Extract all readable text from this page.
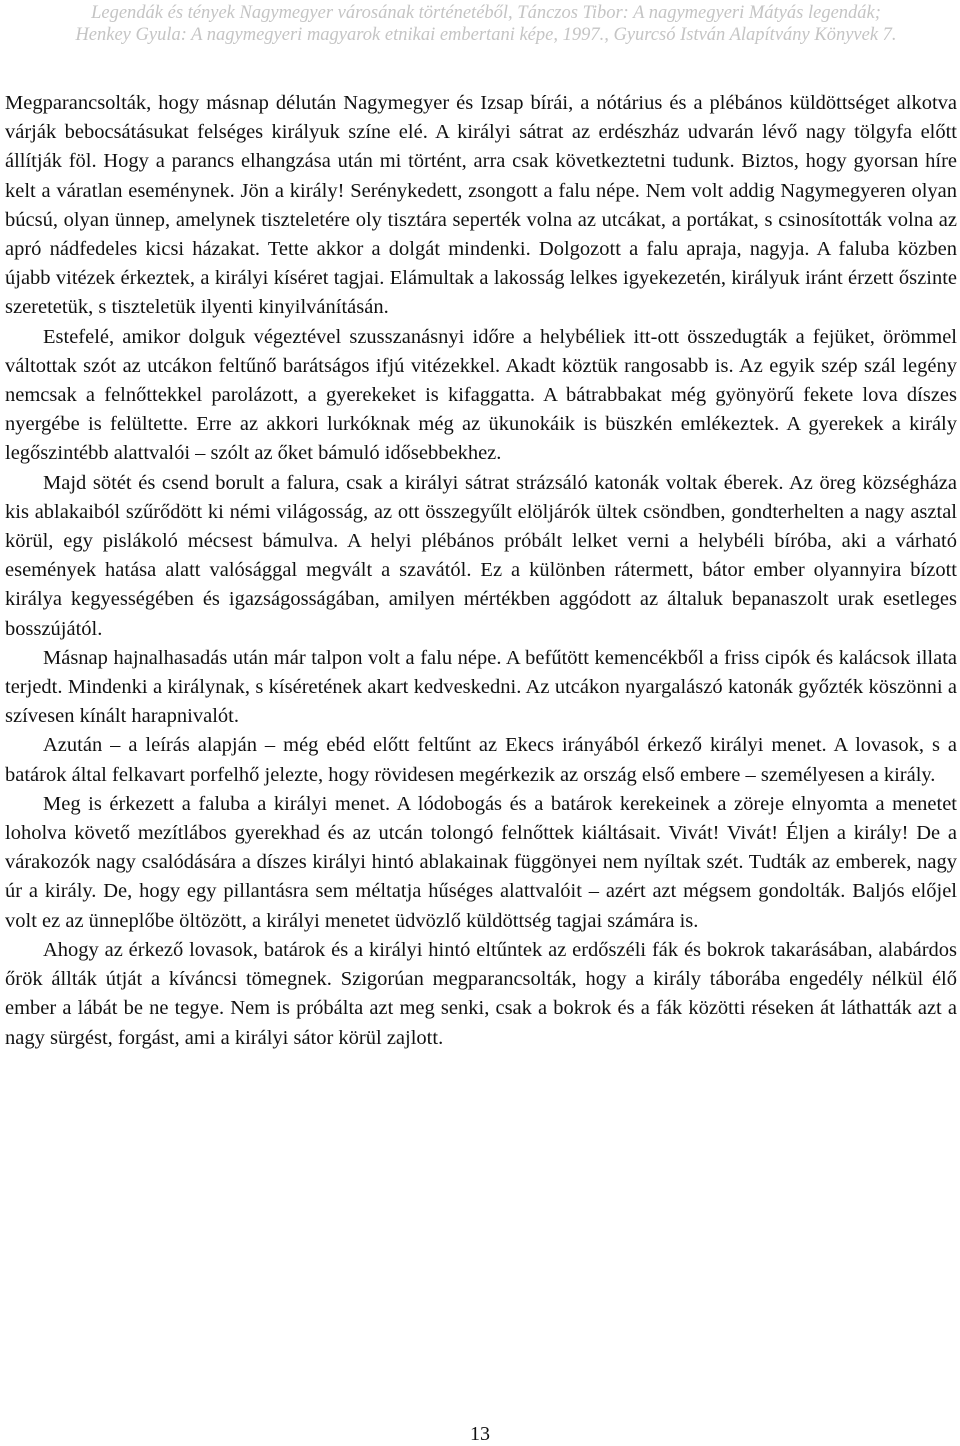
Legendák és tények Nagymegyer városának történetéből, Tánczos Tibor: A nagymegyeri Mátyás legendák;
Henkey Gyula: A nagymegyeri magyarok etnikai embertani képe, 1997., Gyurcsó István Alapítvány Könyvek 7.

Megparancsolták, hogy másnap délután Nagymegyer és Izsap bírái, a nótárius és a plébános küldöttséget alkotva várják bebocsátásukat felséges királyuk színe elé. A királyi sátrat az erdészház udvarán lévő nagy tölgyfa előtt állítják föl. Hogy a parancs elhangzása után mi történt, arra csak következtetni tudunk. Biztos, hogy gyorsan híre kelt a váratlan eseménynek. Jön a király! Serénykedett, zsongott a falu népe. Nem volt addig Nagymegyeren olyan búcsú, olyan ünnep, amelynek tiszteletére oly tisztára seperték volna az utcákat, a portákat, s csinosították volna az apró nádfedeles kicsi házakat. Tette akkor a dolgát mindenki. Dolgozott a falu apraja, nagyja. A faluba közben újabb vitézek érkeztek, a királyi kíséret tagjai. Elámultak a lakosság lelkes igyekezetén, királyuk iránt érzett őszinte szeretetük, s tiszteletük ilyenti kinyilvánításán.

Estefelé, amikor dolguk végeztével szusszanásnyi időre a helybéliek itt-ott összedugták a fejüket, örömmel váltottak szót az utcákon feltűnő barátságos ifjú vitézekkel. Akadt köztük rangosabb is. Az egyik szép szál legény nemcsak a felnőttekkel parolázott, a gyerekeket is kifaggatta. A bátrabbakat még gyönyörű fekete lova díszes nyergébe is felültette. Erre az akkori lurkóknak még az ükunokáik is büszkén emlékeztek. A gyerekek a király legőszintébb alattvalói – szólt az őket bámuló idősebbekhez.

Majd sötét és csend borult a falura, csak a királyi sátrat strázsáló katonák voltak éberek. Az öreg községháza kis ablakaiból szűrődött ki némi világosság, az ott összegyűlt elöljárók ültek csöndben, gondterhelten a nagy asztal körül, egy pislákoló mécsest bámulva. A helyi plébános próbált lelket verni a helybéli bíróba, aki a várható események hatása alatt valósággal megvált a szavától. Ez a különben rátermett, bátor ember olyannyira bízott királya kegyességében és igazságosságában, amilyen mértékben aggódott az általuk bepanaszolt urak esetleges bosszújától.

Másnap hajnalhasadás után már talpon volt a falu népe. A befűtött kemencékből a friss cipók és kalácsok illata terjedt. Mindenki a királynak, s kíséretének akart kedveskedni. Az utcákon nyargalászó katonák győzték köszönni a szívesen kínált harapnivalót.

Azután – a leírás alapján – még ebéd előtt feltűnt az Ekecs irányából érkező királyi menet. A lovasok, s a batárok által felkavart porfelhő jelezte, hogy rövidesen megérkezik az ország első embere – személyesen a király.

Meg is érkezett a faluba a királyi menet. A lódobogás és a batárok kerekeinek a zöreje elnyomta a menetet loholva követő mezítlábos gyerekhad és az utcán tolongó felnőttek kiáltásait. Vivát! Vivát! Éljen a király! De a várakozók nagy csalódására a díszes királyi hintó ablakainak függönyei nem nyíltak szét. Tudták az emberek, nagy úr a király. De, hogy egy pillantásra sem méltatja hűséges alattvalóit – azért azt mégsem gondolták. Baljós előjel volt ez az ünneplőbe öltözött, a királyi menetet üdvözlő küldöttség tagjai számára is.

Ahogy az érkező lovasok, batárok és a királyi hintó eltűntek az erdőszéli fák és bokrok takarásában, alabárdos őrök állták útját a kíváncsi tömegnek. Szigorúan megparancsolták, hogy a király táborába engedély nélkül élő ember a lábát be ne tegye. Nem is próbálta azt meg senki, csak a bokrok és a fák közötti réseken át láthatták azt a nagy sürgést, forgást, ami a királyi sátor körül zajlott.

13
